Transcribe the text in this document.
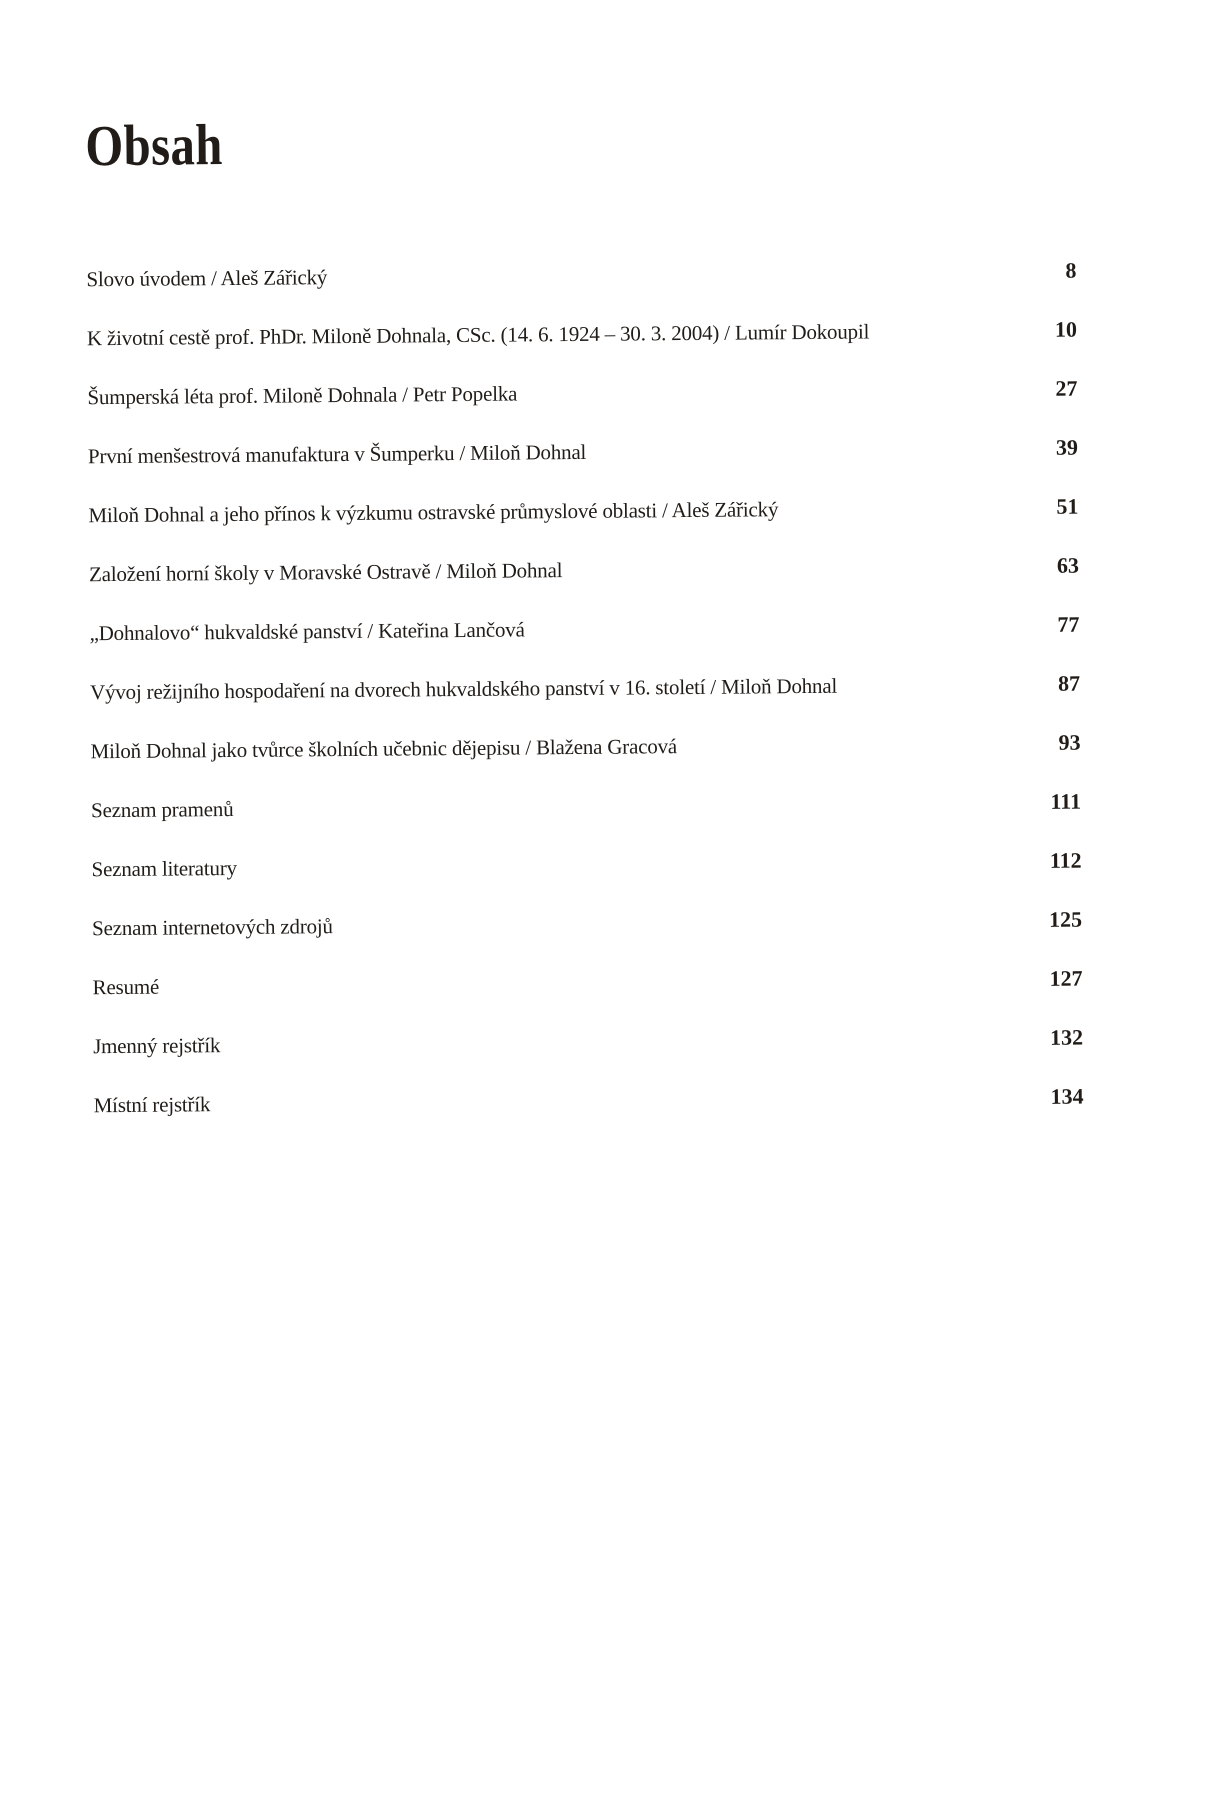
Obsah
Slovo úvodem / Aleš Zářický	8
K životní cestě prof. PhDr. Miloně Dohnala, CSc. (14. 6. 1924 – 30. 3. 2004) / Lumír Dokoupil	10
Šumperská léta prof. Miloně Dohnala / Petr Popelka	27
První menšestrová manufaktura v Šumperku / Miloň Dohnal	39
Miloň Dohnal a jeho přínos k výzkumu ostravské průmyslové oblasti / Aleš Zářický	51
Založení horní školy v Moravské Ostravě / Miloň Dohnal	63
„Dohnalovo“ hukvaldské panství / Kateřina Lančová	77
Vývoj režijního hospodaření na dvorech hukvaldského panství v 16. století / Miloň Dohnal	87
Miloň Dohnal jako tvůrce školních učebnic dějepisu / Blažena Gracová	93
Seznam pramenů	111
Seznam literatury	112
Seznam internetových zdrojů	125
Resumé	127
Jmenný rejstřík	132
Místní rejstřík	134
